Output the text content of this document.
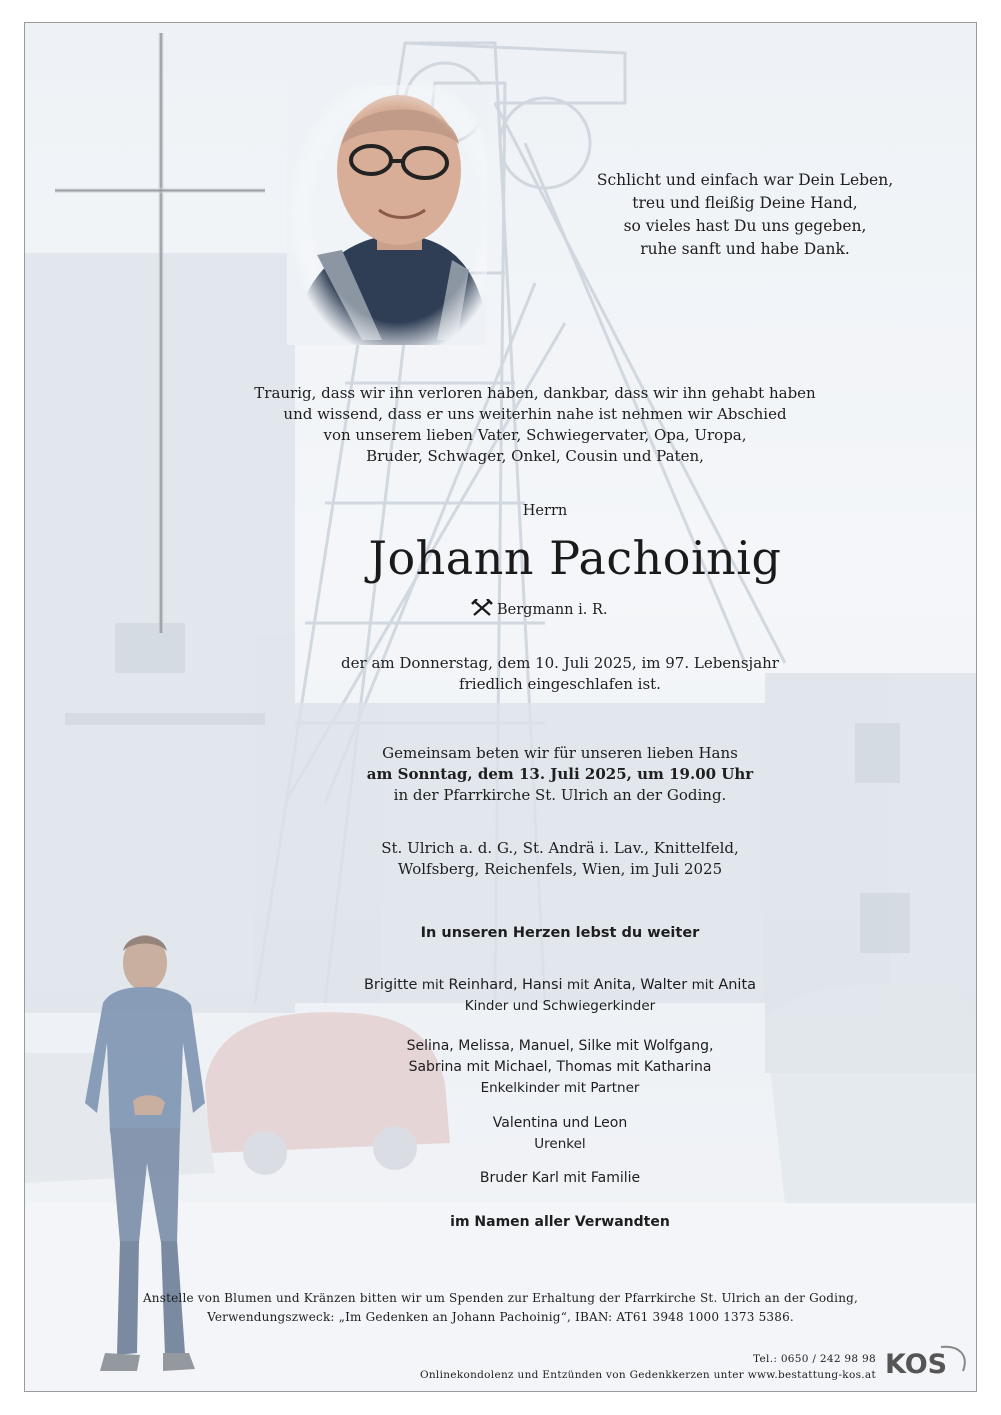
Schlicht und einfach war Dein Leben,
treu und fleißig Deine Hand,
so vieles hast Du uns gegeben,
ruhe sanft und habe Dank.
Traurig, dass wir ihn verloren haben, dankbar, dass wir ihn gehabt haben
und wissend, dass er uns weiterhin nahe ist nehmen wir Abschied
von unserem lieben Vater, Schwiegervater, Opa, Uropa,
Bruder, Schwager, Onkel, Cousin und Paten,
Herrn
Johann Pachoinig
Bergmann i. R.
der am Donnerstag, dem 10. Juli 2025, im 97. Lebensjahr
friedlich eingeschlafen ist.
Gemeinsam beten wir für unseren lieben Hans
am Sonntag, dem 13. Juli 2025, um 19.00 Uhr
in der Pfarrkirche St. Ulrich an der Goding.
St. Ulrich a. d. G., St. Andrä i. Lav., Knittelfeld,
Wolfsberg, Reichenfels, Wien, im Juli 2025
In unseren Herzen lebst du weiter
Brigitte mit Reinhard, Hansi mit Anita, Walter mit Anita
Kinder und Schwiegerkinder
Selina, Melissa, Manuel, Silke mit Wolfgang,
Sabrina mit Michael, Thomas mit Katharina
Enkelkinder mit Partner
Valentina und Leon
Urenkel
Bruder Karl mit Familie
im Namen aller Verwandten
Anstelle von Blumen und Kränzen bitten wir um Spenden zur Erhaltung der Pfarrkirche St. Ulrich an der Goding,
Verwendungszweck: „Im Gedenken an Johann Pachoinig“, IBAN: AT61 3948 1000 1373 5386.
Tel.: 0650 / 242 98 98
Onlinekondolenz und Entzünden von Gedenkkerzen unter www.bestattung-kos.at KOS
